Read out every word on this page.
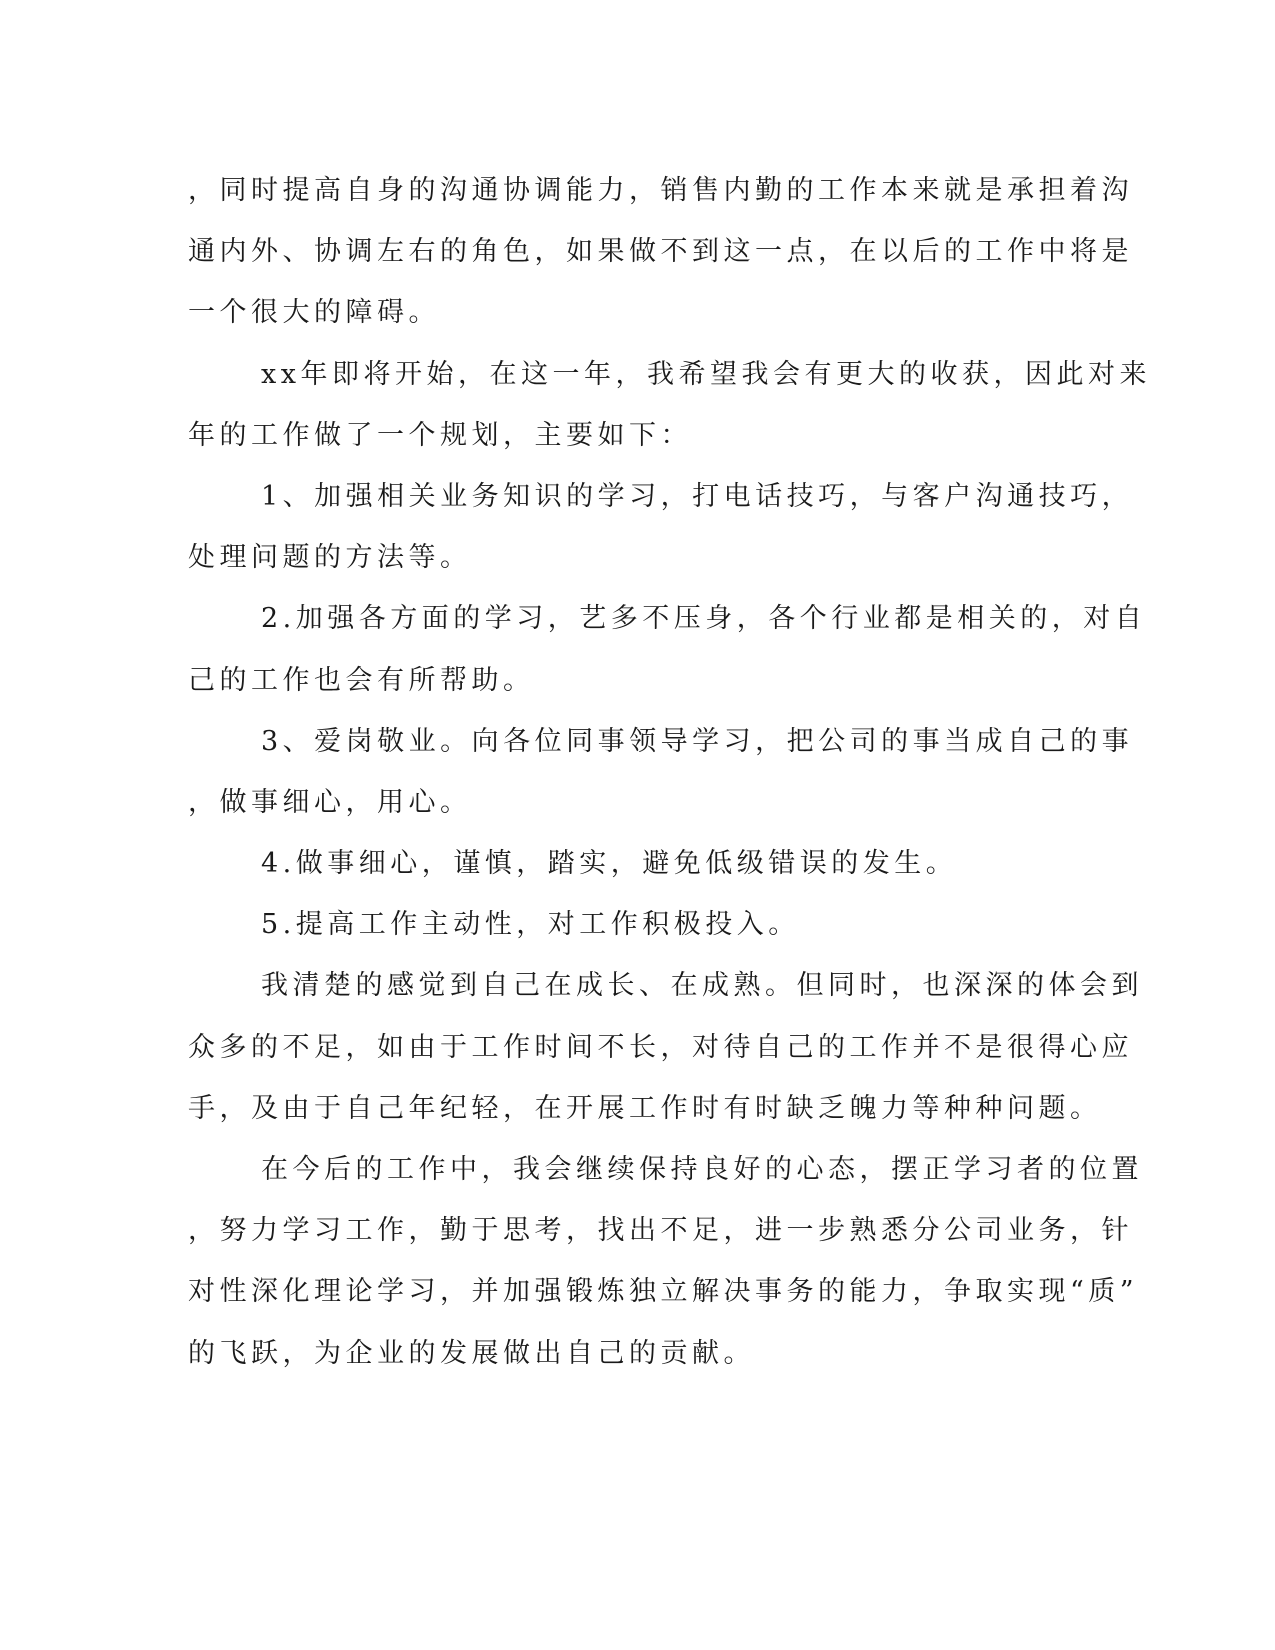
，同时提高自身的沟通协调能力，销售内勤的工作本来就是承担着沟
通内外、协调左右的角色，如果做不到这一点，在以后的工作中将是
一个很大的障碍。
xx年即将开始，在这一年，我希望我会有更大的收获，因此对来
年的工作做了一个规划，主要如下：
1、加强相关业务知识的学习，打电话技巧，与客户沟通技巧，
处理问题的方法等。
2.加强各方面的学习，艺多不压身，各个行业都是相关的，对自
己的工作也会有所帮助。
3、爱岗敬业。向各位同事领导学习，把公司的事当成自己的事
，做事细心，用心。
4.做事细心，谨慎，踏实，避免低级错误的发生。
5.提高工作主动性，对工作积极投入。
我清楚的感觉到自己在成长、在成熟。但同时，也深深的体会到
众多的不足，如由于工作时间不长，对待自己的工作并不是很得心应
手，及由于自己年纪轻，在开展工作时有时缺乏魄力等种种问题。
在今后的工作中，我会继续保持良好的心态，摆正学习者的位置
，努力学习工作，勤于思考，找出不足，进一步熟悉分公司业务，针
对性深化理论学习，并加强锻炼独立解决事务的能力，争取实现“质”
的飞跃，为企业的发展做出自己的贡献。
